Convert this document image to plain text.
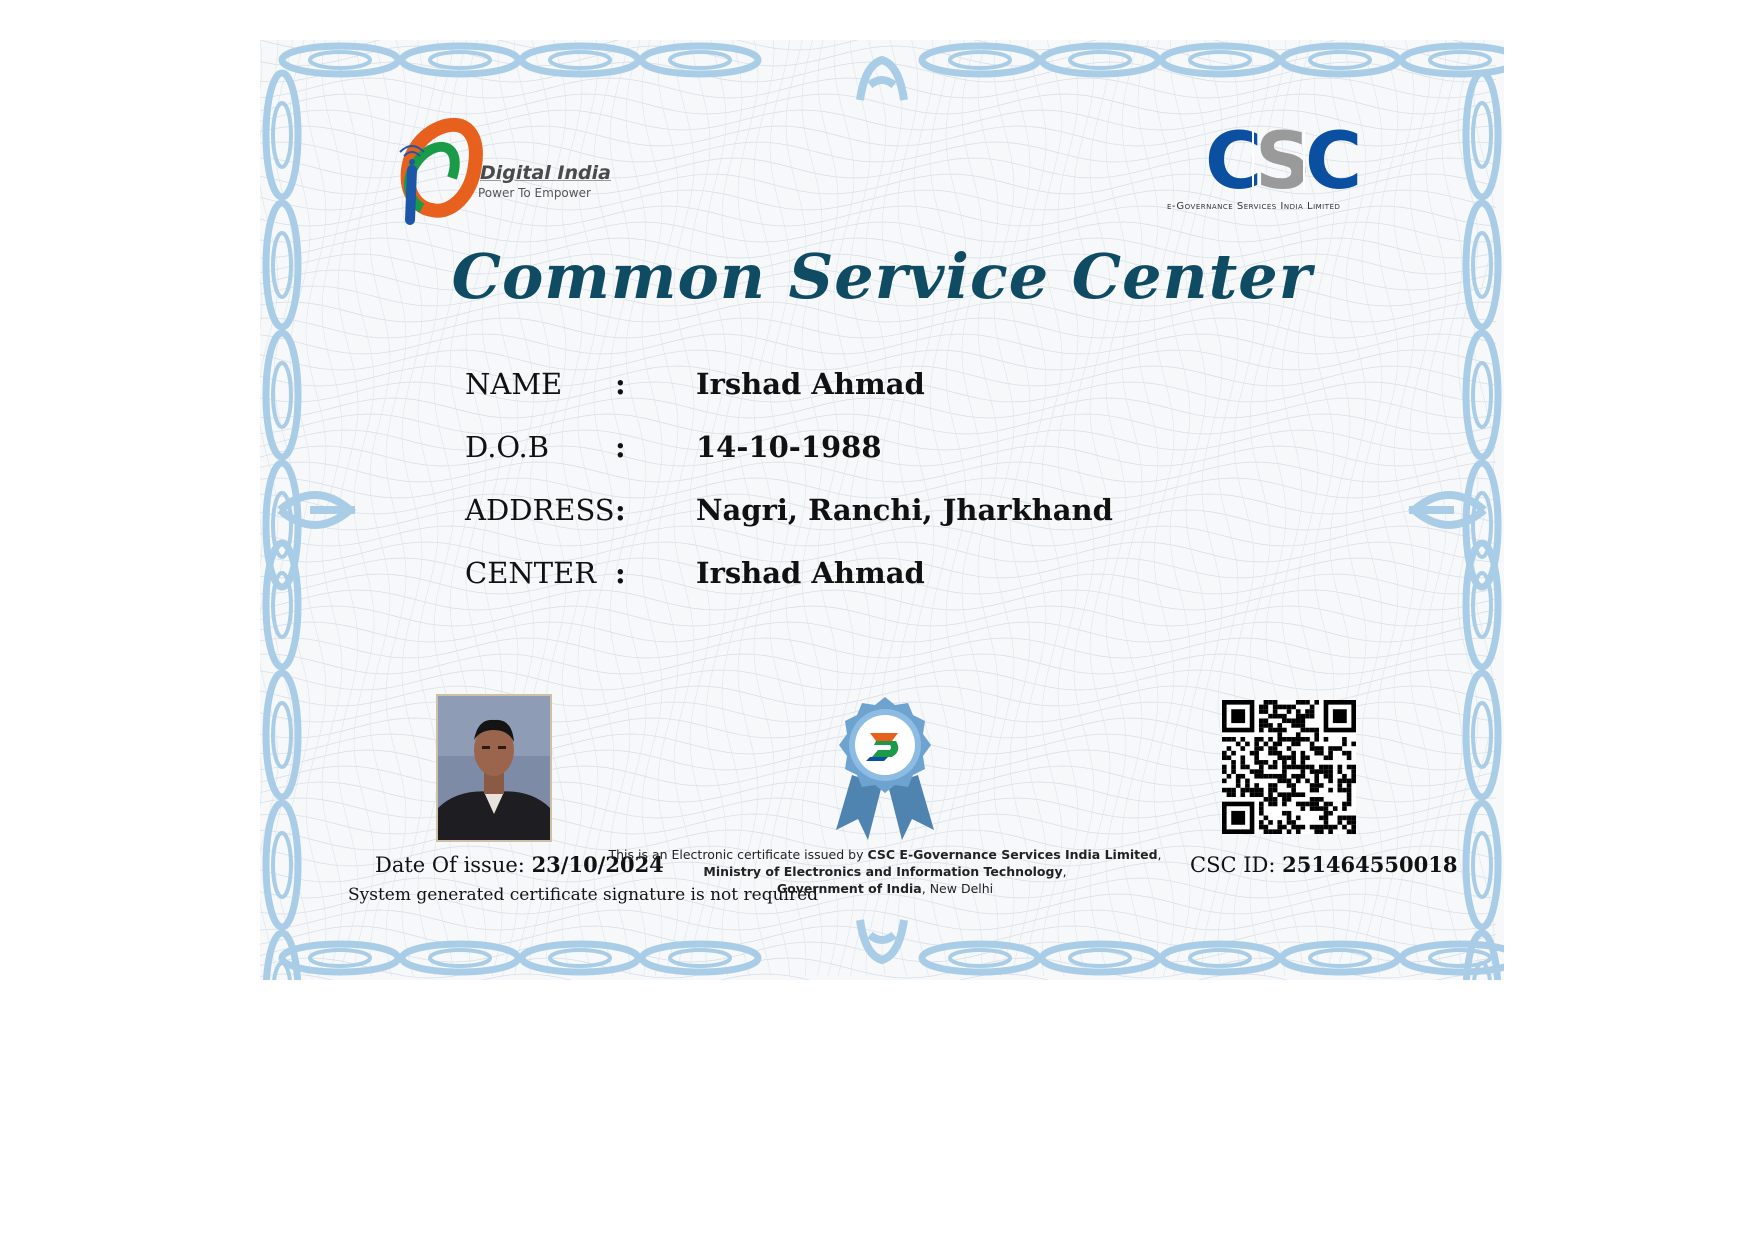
Digital India
Power To Empower	C
S
C
e-Governance Services India Limited
Common Service Center
NAME : Irshad Ahmad
D.O.B : 14-10-1988
ADDRESS : Nagri, Ranchi, Jharkhand
CENTER : Irshad Ahmad
Date Of issue: 23/10/2024
System generated certificate signature is not required
This is an Electronic certificate issued by CSC E-Governance Services India Limited,
Ministry of Electronics and Information Technology,
Government of India, New Delhi
CSC ID: 251464550018
